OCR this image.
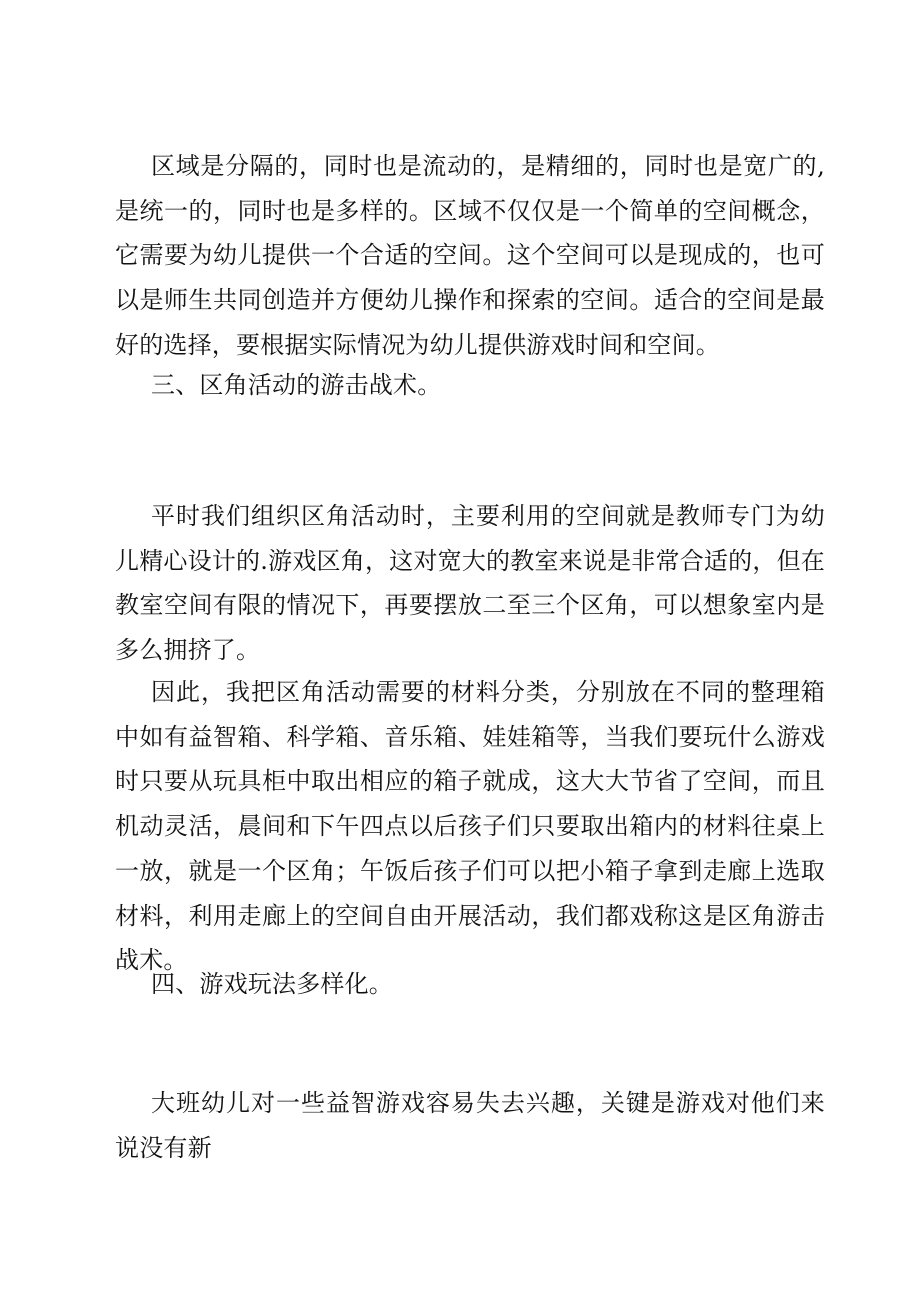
区域是分隔的，同时也是流动的，是精细的，同时也是宽广的,是统一的，同时也是多样的。区域不仅仅是一个简单的空间概念，它需要为幼儿提供一个合适的空间。这个空间可以是现成的，也可以是师生共同创造并方便幼儿操作和探索的空间。适合的空间是最好的选择，要根据实际情况为幼儿提供游戏时间和空间。

三、区角活动的游击战术。

平时我们组织区角活动时，主要利用的空间就是教师专门为幼儿精心设计的.游戏区角，这对宽大的教室来说是非常合适的，但在教室空间有限的情况下，再要摆放二至三个区角，可以想象室内是多么拥挤了。

因此，我把区角活动需要的材料分类，分别放在不同的整理箱中如有益智箱、科学箱、音乐箱、娃娃箱等，当我们要玩什么游戏时只要从玩具柜中取出相应的箱子就成，这大大节省了空间，而且机动灵活，晨间和下午四点以后孩子们只要取出箱内的材料往桌上一放，就是一个区角；午饭后孩子们可以把小箱子拿到走廊上选取材料，利用走廊上的空间自由开展活动，我们都戏称这是区角游击战术。

四、游戏玩法多样化。

大班幼儿对一些益智游戏容易失去兴趣，关键是游戏对他们来说没有新
